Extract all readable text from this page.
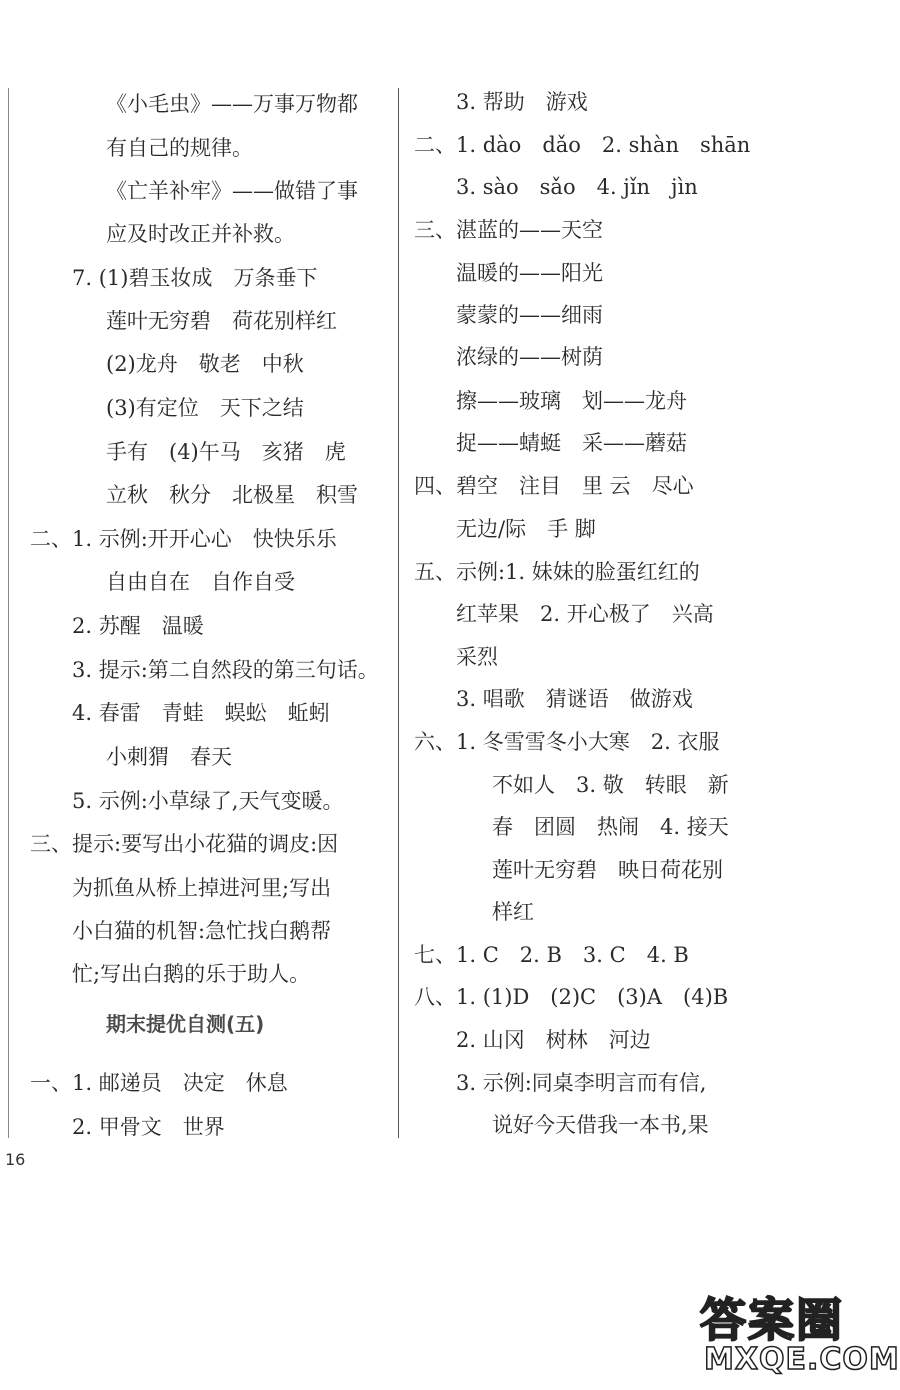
《小毛虫》——万事万物都
有自己的规律。
《亡羊补牢》——做错了事
应及时改正并补救。
7. (1)碧玉妆成　万条垂下
莲叶无穷碧　荷花别样红
(2)龙舟　敬老　中秋
(3)有定位　天下之结
手有　(4)午马　亥猪　虎
立秋　秋分　北极星　积雪
二、1. 示例:开开心心　快快乐乐
自由自在　自作自受
2. 苏醒　温暖
3. 提示:第二自然段的第三句话。
4. 春雷　青蛙　蜈蚣　蚯蚓
小刺猬　春天
5. 示例:小草绿了,天气变暖。
三、提示:要写出小花猫的调皮:因
为抓鱼从桥上掉进河里;写出
小白猫的机智:急忙找白鹅帮
忙;写出白鹅的乐于助人。
期末提优自测(五)
一、1. 邮递员　决定　休息
2. 甲骨文　世界
3. 帮助　游戏
二、1. dào　dǎo　2. shàn　shān
3. sào　sǎo　4. jǐn　jìn
三、湛蓝的——天空
温暖的——阳光
蒙蒙的——细雨
浓绿的——树荫
擦——玻璃　划——龙舟
捉——蜻蜓　采——蘑菇
四、碧空　注目　里 云　尽心
无边/际　手 脚
五、示例:1. 妹妹的脸蛋红红的
红苹果　2. 开心极了　兴高
采烈
3. 唱歌　猜谜语　做游戏
六、1. 冬雪雪冬小大寒　2. 衣服
不如人　3. 敬　转眼　新
春　团圆　热闹　4. 接天
莲叶无穷碧　映日荷花别
样红
七、1. C　2. B　3. C　4. B
八、1. (1)D　(2)C　(3)A　(4)B
2. 山冈　树林　河边
3. 示例:同桌李明言而有信,
说好今天借我一本书,果
16
答案圈
MXQE.COM
